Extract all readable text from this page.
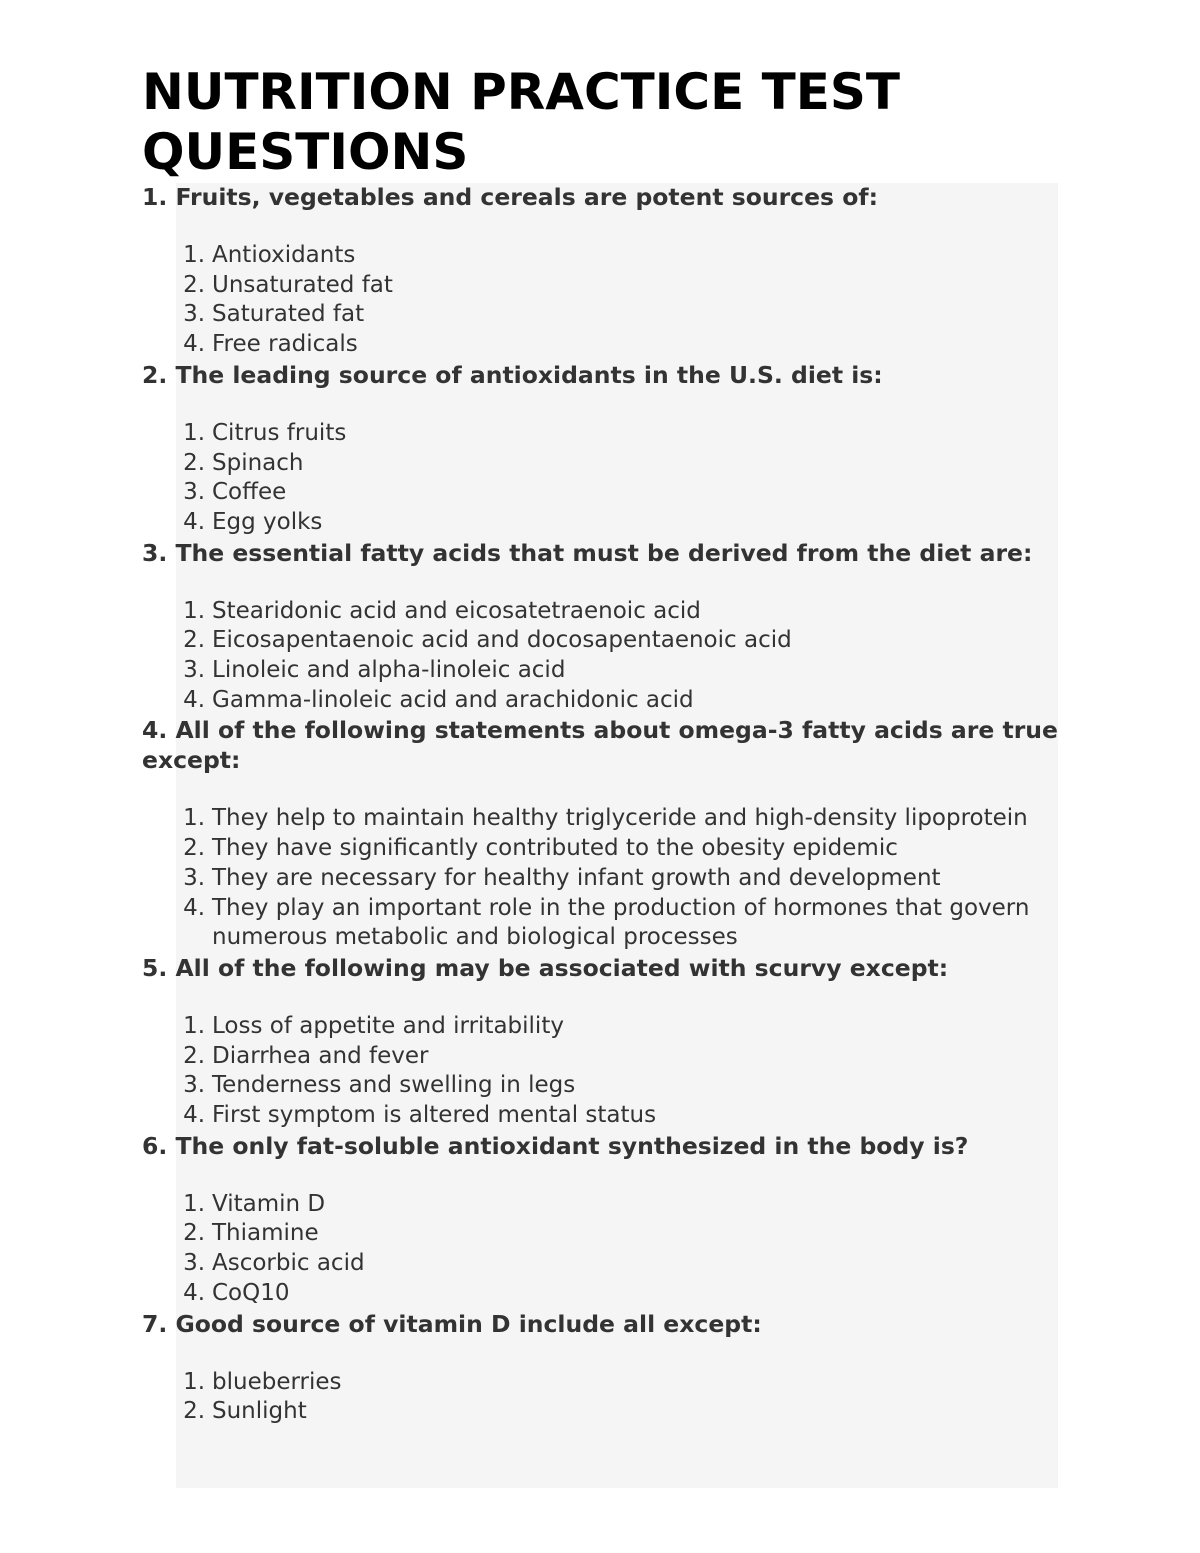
NUTRITION PRACTICE TEST QUESTIONS

1. Fruits, vegetables and cereals are potent sources of:

1. Antioxidants
2. Unsaturated fat
3. Saturated fat
4. Free radicals

2. The leading source of antioxidants in the U.S. diet is:

1. Citrus fruits
2. Spinach
3. Coffee
4. Egg yolks

3. The essential fatty acids that must be derived from the diet are:

1. Stearidonic acid and eicosatetraenoic acid
2. Eicosapentaenoic acid and docosapentaenoic acid
3. Linoleic and alpha-linoleic acid
4. Gamma-linoleic acid and arachidonic acid

4. All of the following statements about omega-3 fatty acids are true except:

1. They help to maintain healthy triglyceride and high-density lipoprotein
2. They have significantly contributed to the obesity epidemic
3. They are necessary for healthy infant growth and development
4. They play an important role in the production of hormones that govern numerous metabolic and biological processes

5. All of the following may be associated with scurvy except:

1. Loss of appetite and irritability
2. Diarrhea and fever
3. Tenderness and swelling in legs
4. First symptom is altered mental status

6. The only fat-soluble antioxidant synthesized in the body is?

1. Vitamin D
2. Thiamine
3. Ascorbic acid
4. CoQ10

7. Good source of vitamin D include all except:

1. blueberries
2. Sunlight
